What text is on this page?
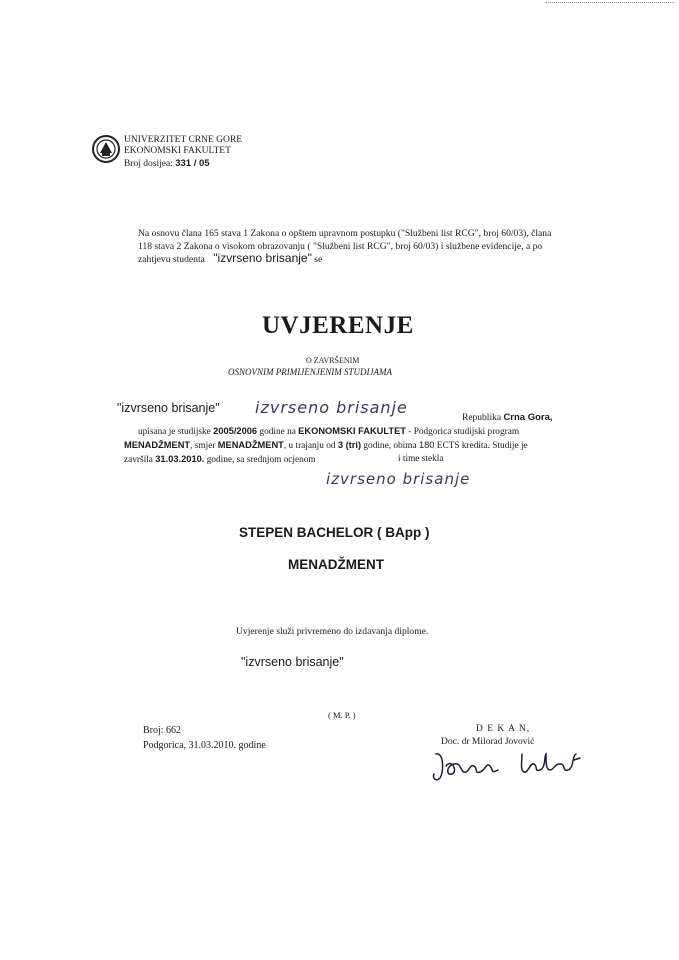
UNIVERZITET CRNE GORE
EKONOMSKI FAKULTET
Broj dosijea: 331 / 05
Na osnovu člana 165 stava 1 Zakona o opštem upravnom postupku ("Službeni list RCG", broj 60/03), člana
118 stava 2 Zakona o visokom obrazovanju ( "Službeni list RCG", broj 60/03) i službene evidencije, a po
zahtjevu studenta "izvrseno brisanje" se
UVJERENJE
O ZAVRŠENIM
OSNOVNIM PRIMIJENJENIM STUDIJAMA
"izvrseno brisanje" izvrseno brisanje
Republika Crna Gora,
upisana je studijske 2005/2006 godine na EKONOMSKI FAKULTET - Podgorica studijski program
MENADŽMENT, smjer MENADŽMENT, u trajanju od 3 (tri) godine, obima 180 ECTS kredita. Studije je
završila 31.03.2010. godine, sa srednjom ocjenom	i time stekla
izvrseno brisanje
STEPEN BACHELOR ( BApp )
MENADŽMENT
Uvjerenje služi privremeno do izdavanja diplome.
"izvrseno brisanje"
( M. P. )
Broj: 662
Podgorica, 31.03.2010. godine
D E K A N,
Doc. dr Milorad Jovović
